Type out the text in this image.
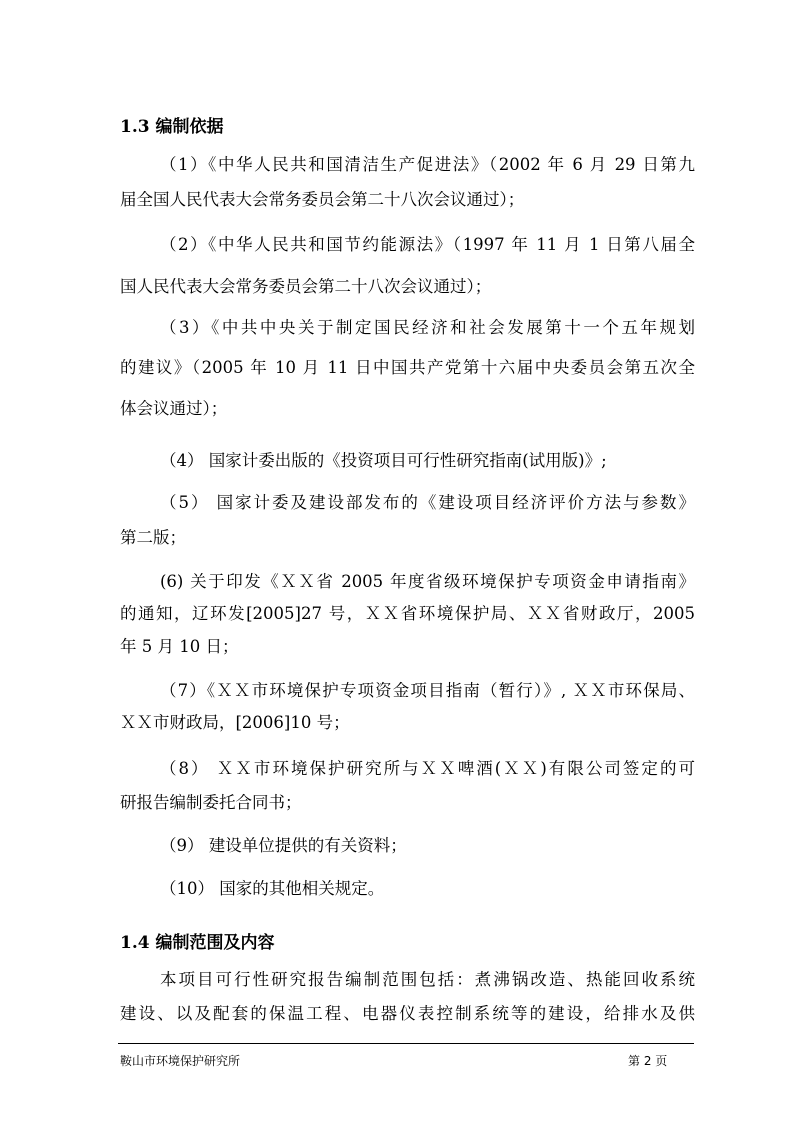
1.3 编制依据
（1）《中华人民共和国清洁生产促进法》（2002 年 6 月 29 日第九
届全国人民代表大会常务委员会第二十八次会议通过）；
（2）《中华人民共和国节约能源法》（1997 年 11 月 1 日第八届全
国人民代表大会常务委员会第二十八次会议通过）；
（3）《中共中央关于制定国民经济和社会发展第十一个五年规划
的建议》（2005 年 10 月 11 日中国共产党第十六届中央委员会第五次全
体会议通过）；
（4） 国家计委出版的《投资项目可行性研究指南(试用版)》;
（5） 国家计委及建设部发布的《建设项目经济评价方法与参数》
第二版；
(6) 关于印发《ＸＸ省 2005 年度省级环境保护专项资金申请指南》
的通知，辽环发[2005]27 号，ＸＸ省环境保护局、ＸＸ省财政厅，2005
年 5 月 10 日；
（7）《ＸＸ市环境保护专项资金项目指南（暂行）》, ＸＸ市环保局、
ＸＸ市财政局，[2006]10 号；
（8） ＸＸ市环境保护研究所与ＸＸ啤酒(ＸＸ)有限公司签定的可
研报告编制委托合同书；
（9） 建设单位提供的有关资料；
（10） 国家的其他相关规定。
1.4 编制范围及内容
本项目可行性研究报告编制范围包括：煮沸锅改造、热能回收系统
建设、以及配套的保温工程、电器仪表控制系统等的建设，给排水及供
鞍山市环境保护研究所	第 2 页
